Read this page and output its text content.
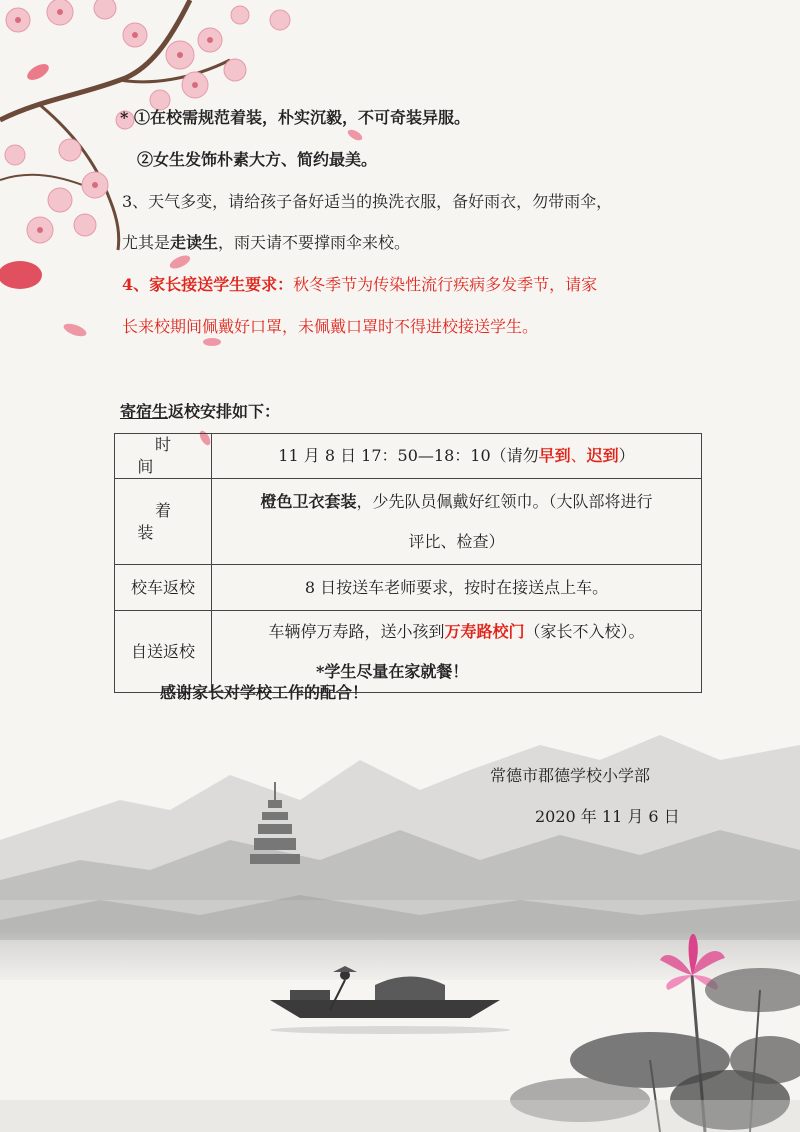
* ①在校需规范着装，朴实沉毅，不可奇装异服。
②女生发饰朴素大方、简约最美。
3、天气多变，请给孩子备好适当的换洗衣服，备好雨衣，勿带雨伞，
尤其是走读生，雨天请不要撑雨伞来校。
4、家长接送学生要求：秋冬季节为传染性流行疾病多发季节，请家
长来校期间佩戴好口罩，未佩戴口罩时不得进校接送学生。
寄宿生返校安排如下：
时间	11 月 8 日 17：50—18：10（请勿早到、迟到）
着装	橙色卫衣套装，少先队员佩戴好红领巾。（大队部将进行
评比、检查）

校车返校	8 日按送车老师要求，按时在接送点上车。
自送返校	车辆停万寿路，送小孩到万寿路校门（家长不入校）。
*学生尽量在家就餐！
感谢家长对学校工作的配合！
常德市郡德学校小学部
2020 年 11 月 6 日
